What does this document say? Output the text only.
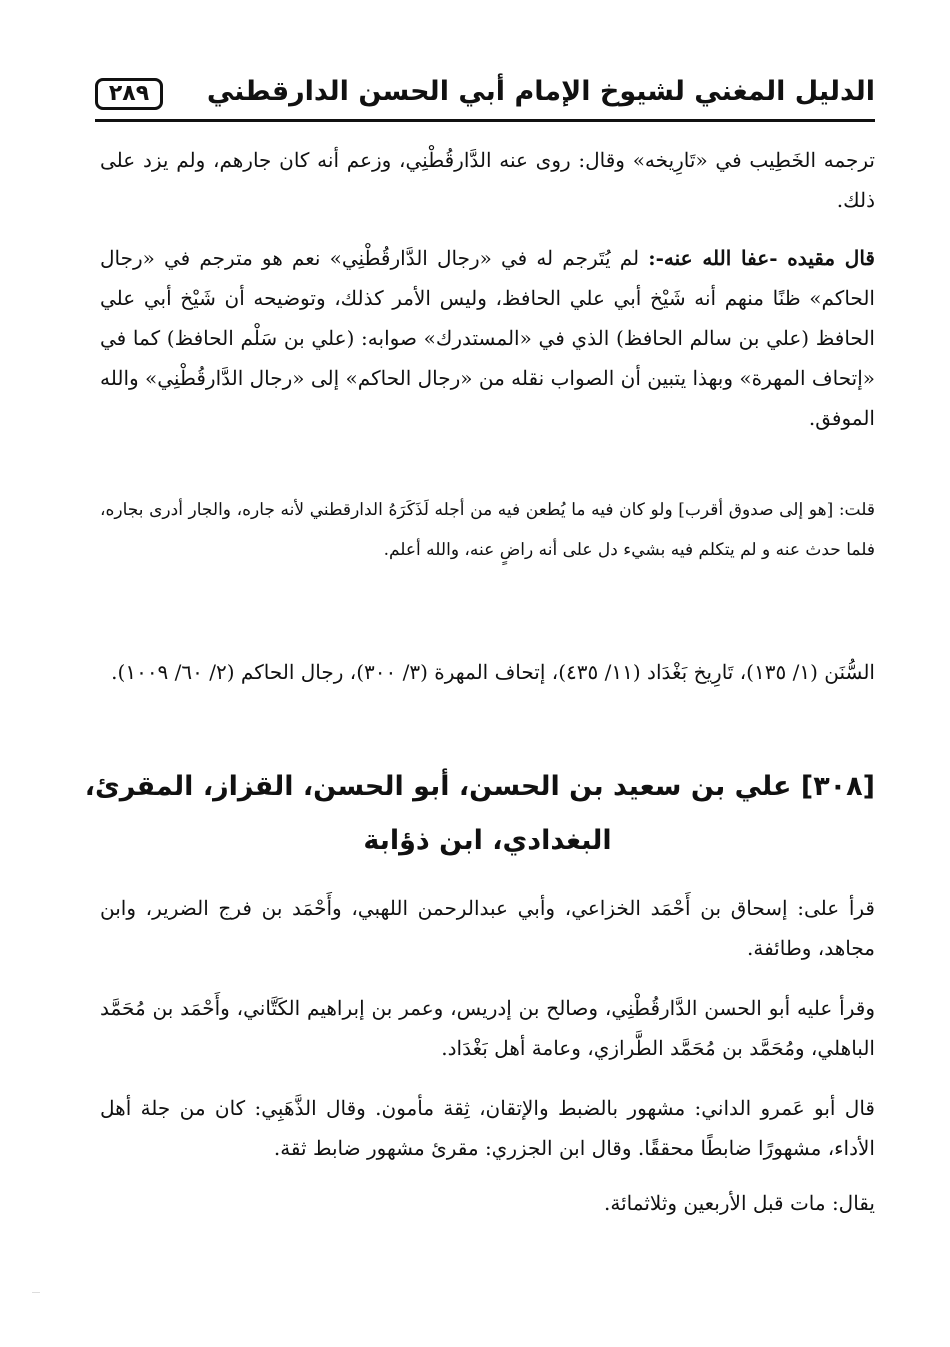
الدليل المغني لشيوخ الإمام أبي الحسن الدارقطني
٢٨٩

ترجمه الخَطِيب في «تَارِيخه» وقال: روى عنه الدَّارقُطْنِي، وزعم أنه كان جارهم، ولم يزد على ذلك.

قال مقيده -عفا الله عنه-: لم يُتَرجم له في «رجال الدَّارقُطْنِي» نعم هو مترجم في «رجال الحاكم» ظنًا منهم أنه شَيْخ أبي علي الحافظ، وليس الأمر كذلك، وتوضيحه أن شَيْخ أبي علي الحافظ (علي بن سالم الحافظ) الذي في «المستدرك» صوابه: (علي بن سَلْم الحافظ) كما في «إتحاف المهرة» وبهذا يتبين أن الصواب نقله من «رجال الحاكم» إلى «رجال الدَّارقُطْنِي» والله الموفق.

قلت: [هو إلى صدوق أقرب] ولو كان فيه ما يُطعن فيه من أجله لَذَكَرَهُ الدارقطني لأنه جاره، والجار أدرى بجاره، فلما حدث عنه و لم يتكلم فيه بشيء دل على أنه راضٍ عنه، والله أعلم.

السُّنَن (١/ ١٣٥)، تَارِيخ بَغْدَاد (١١/ ٤٣٥)، إتحاف المهرة (٣/ ٣٠٠)، رجال الحاكم (٢/ ٦٠/ ١٠٠٩).

[٣٠٨] علي بن سعيد بن الحسن، أبو الحسن، القزاز، المقرئ،
البغدادي، ابن ذؤابة

قرأ على: إسحاق بن أَحْمَد الخزاعي، وأبي عبدالرحمن اللهبي، وأَحْمَد بن فرج الضرير، وابن مجاهد، وطائفة.

وقرأ عليه أبو الحسن الدَّارقُطْنِي، وصالح بن إدريس، وعمر بن إبراهيم الكَتَّاني، وأَحْمَد بن مُحَمَّد الباهلي، ومُحَمَّد بن مُحَمَّد الطَّرازي، وعامة أهل بَغْدَاد.

قال أبو عَمرو الداني: مشهور بالضبط والإتقان، ثِقة مأمون. وقال الذَّهَبِي: كان من جلة أهل الأداء، مشهورًا ضابطًا محققًا. وقال ابن الجزري: مقرئ مشهور ضابط ثقة.

يقال: مات قبل الأربعين وثلاثمائة.
